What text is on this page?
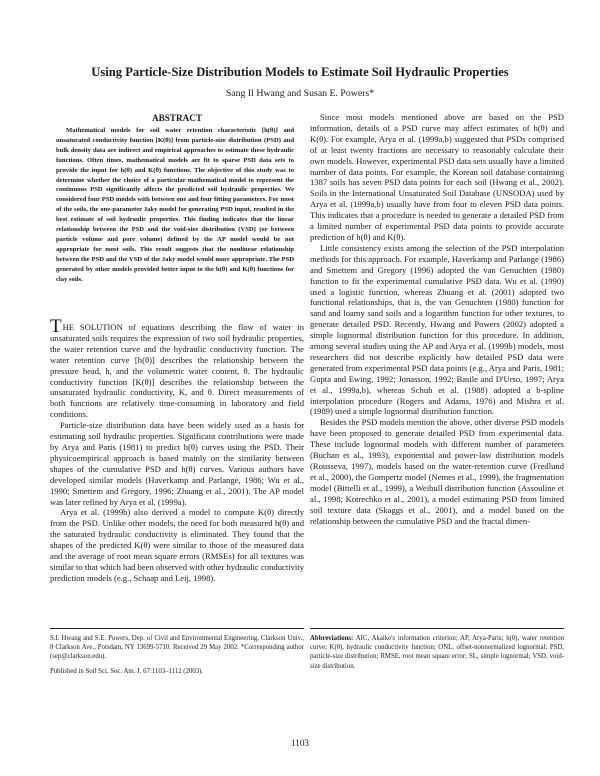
Using Particle-Size Distribution Models to Estimate Soil Hydraulic Properties
Sang Il Hwang and Susan E. Powers*
ABSTRACT

Mathematical models for soil water retention characteristic [h(θ)] and unsaturated conductivity function [K(θ)] from particle-size distribution (PSD) and bulk density data are indirect and empirical approaches to estimate these hydraulic functions. Often times, mathematical models are fit to sparse PSD data sets to provide the input for h(θ) and K(θ) functions. The objective of this study was to determine whether the choice of a particular mathematical model to represent the continuous PSD significantly affects the predicted soil hydraulic properties. We considered four PSD models with between one and four fitting parameters. For most of the soils, the one-parameter Jaky model for generating PSD input, resulted in the best estimate of soil hydraulic properties. This finding indicates that the linear relationship between the PSD and the void-size distribution (VSD) (or between particle volume and pore volume) defined by the AP model would be not appropriate for most soils. This result suggests that the nonlinear relationship between the PSD and the VSD of the Jaky model would more appropriate. The PSD generated by other models provided better input to the h(θ) and K(θ) functions for clay soils.

THE SOLUTION of equations describing the flow of water in unsaturated soils requires the expression of two soil hydraulic properties, the water retention curve and the hydraulic conductivity function. The water retention curve [h(θ)] describes the relationship between the pressure head, h, and the volumetric water content, θ. The hydraulic conductivity function [K(θ)] describes the relationship between the unsaturated hydraulic conductivity, K, and θ. Direct measurements of both functions are relatively time-consuming in laboratory and field conditions.

Particle-size distribution data have been widely used as a basis for estimating soil hydraulic properties. Significant contributions were made by Arya and Paris (1981) to predict h(θ) curves using the PSD. Their physicoempirical approach is based mainly on the similarity between shapes of the cumulative PSD and h(θ) curves. Various authors have developed similar models (Haverkamp and Parlange, 1986; Wu et al., 1990; Smettem and Gregory, 1996; Zhuang et al., 2001). The AP model was later refined by Arya et al. (1999a).

Arya et al. (1999b) also derived a model to compute K(θ) directly from the PSD. Unlike other models, the need for both measured h(θ) and the saturated hydraulic conductivity is eliminated. They found that the shapes of the predicted K(θ) were similar to those of the measured data and the average of root mean square errors (RMSEs) for all textures was similar to that which had been observed with other hydraulic conductivity prediction models (e.g., Schaap and Leij, 1998).

S.I. Hwang and S.E. Powers, Dep. of Civil and Environmental Engineering, Clarkson Univ., 8 Clarkson Ave., Potsdam, NY 13699-5710. Received 29 May 2002. *Corresponding author (sep@clarkson.edu).

Published in Soil Sci. Soc. Am. J. 67:1103–1112 (2003).

Since most models mentioned above are based on the PSD information, details of a PSD curve may affect estimates of h(θ) and K(θ). For example, Arya et al. (1999a,b) suggested that PSDs comprised of at least twenty fractions are necessary to reasonably calculate their own models. However, experimental PSD data sets usually have a limited number of data points. For example, the Korean soil database containing 1387 soils has seven PSD data points for each soil (Hwang et al., 2002). Soils in the International Unsaturated Soil Database (UNSODA) used by Arya et al. (1999a,b) usually have from four to eleven PSD data points. This indicates that a procedure is needed to generate a detailed PSD from a limited number of experimental PSD data points to provide accurate prediction of h(θ) and K(θ).

Little consistency exists among the selection of the PSD interpolation methods for this approach. For example, Haverkamp and Parlange (1986) and Smettem and Gregory (1996) adopted the van Genuchten (1980) function to fit the experimental cumulative PSD data. Wu et al. (1990) used a logistic function, whereas Zhuang et al. (2001) adopted two functional relationships, that is, the van Genuchten (1980) function for sand and loamy sand soils and a logarithm function for other textures, to generate detailed PSD. Recently, Hwang and Powers (2002) adopted a simple lognormal distribution function for this procedure. In addition, among several studies using the AP and Arya et al. (1999b) models, most researchers did not describe explicitly how detailed PSD data were generated from experimental PSD data points (e.g., Arya and Paris, 1981; Gupta and Ewing, 1992; Jonasson, 1992; Basile and D'Urso, 1997; Arya et al., 1999a,b), whereas Schuh et al. (1988) adopted a b-spline interpolation procedure (Rogers and Adams, 1976) and Mishra et al. (1989) used a simple lognormal distribution function.

Besides the PSD models mention the above, other diverse PSD models have been proposed to generate detailed PSD from experimental data. These include lognormal models with different number of parameters (Buchan et al., 1993), exponential and power-law distribution models (Rousseva, 1997), models based on the water-retention curve (Fredlund et al., 2000), the Gompertz model (Nemes et al., 1999), the fragmentation model (Bittelli et al., 1999), a Weibull distribution function (Assouline et al., 1998; Kotrechko et al., 2001), a model estimating PSD from limited soil texture data (Skaggs et al., 2001), and a model based on the relationship between the cumulative PSD and the fractal dimen-

Abbreviations: AIC, Akaike's information criterion; AP, Arya-Paris; h(θ), water retention curve; K(θ), hydraulic conductivity function; ONL, offset-nonnormalized lognormal; PSD, particle-size distribution; RMSE, root mean square error; SL, simple lognormal; VSD, void-size distribution.

1103
